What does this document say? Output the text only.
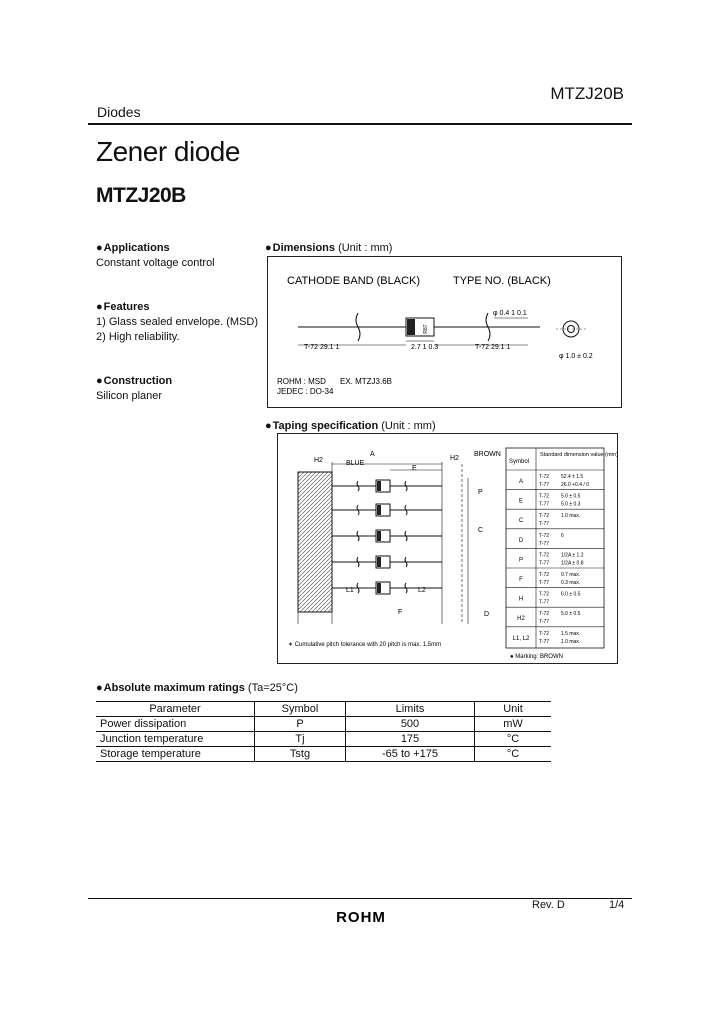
MTZJ20B
Diodes
Zener diode
MTZJ20B
●Applications
Constant voltage control
●Features
1) Glass sealed envelope. (MSD)
2) High reliability.
●Construction
Silicon planer
●Dimensions (Unit : mm)
CATHODE BAND (BLACK)	TYPE NO. (BLACK)
R87
T-72 29.1 1	2.7 1 0.3	T-72 29.1 1
φ 0.4 1 0.1
φ 1.0 ± 0.2
ROHM : MSD
JEDEC : DO-34
EX. MTZJ3.6B
●Taping specification (Unit : mm)
H2	BLUE
A
E
H2
BROWN
P
C
D
L1	L2
F
∗ Cumulative pitch tolerance with 20 pitch is max. 1.5mm
● Marking: BROWN
Symbol
Standard dimension value (mm)
A
T-72 52.4 ± 1.5
T-77 26.0 +0.4 / 0
E
T-72 5.0 ± 0.5
T-77 5.0 ± 0.3
C
T-72 1.0 max.
T-77
D
T-72 6
T-77
P
T-72 1/2A ± 1.2
T-77 1/2A ± 0.8
F
T-72 0.7 max.
T-77 0.3 max.
H
T-72 6.0 ± 0.5
T-77
H2
T-72 5.0 ± 0.5
T-77
L1, L2
T-72 1.5 max.
T-77 1.0 max.
●Absolute maximum ratings (Ta=25°C)
Parameter	Symbol	Limits	Unit
Power dissipation	P	500	mW
Junction temperature	Tj	175	°C
Storage temperature	Tstg	-65 to +175	°C
Rev. D	1/4
ROHM
